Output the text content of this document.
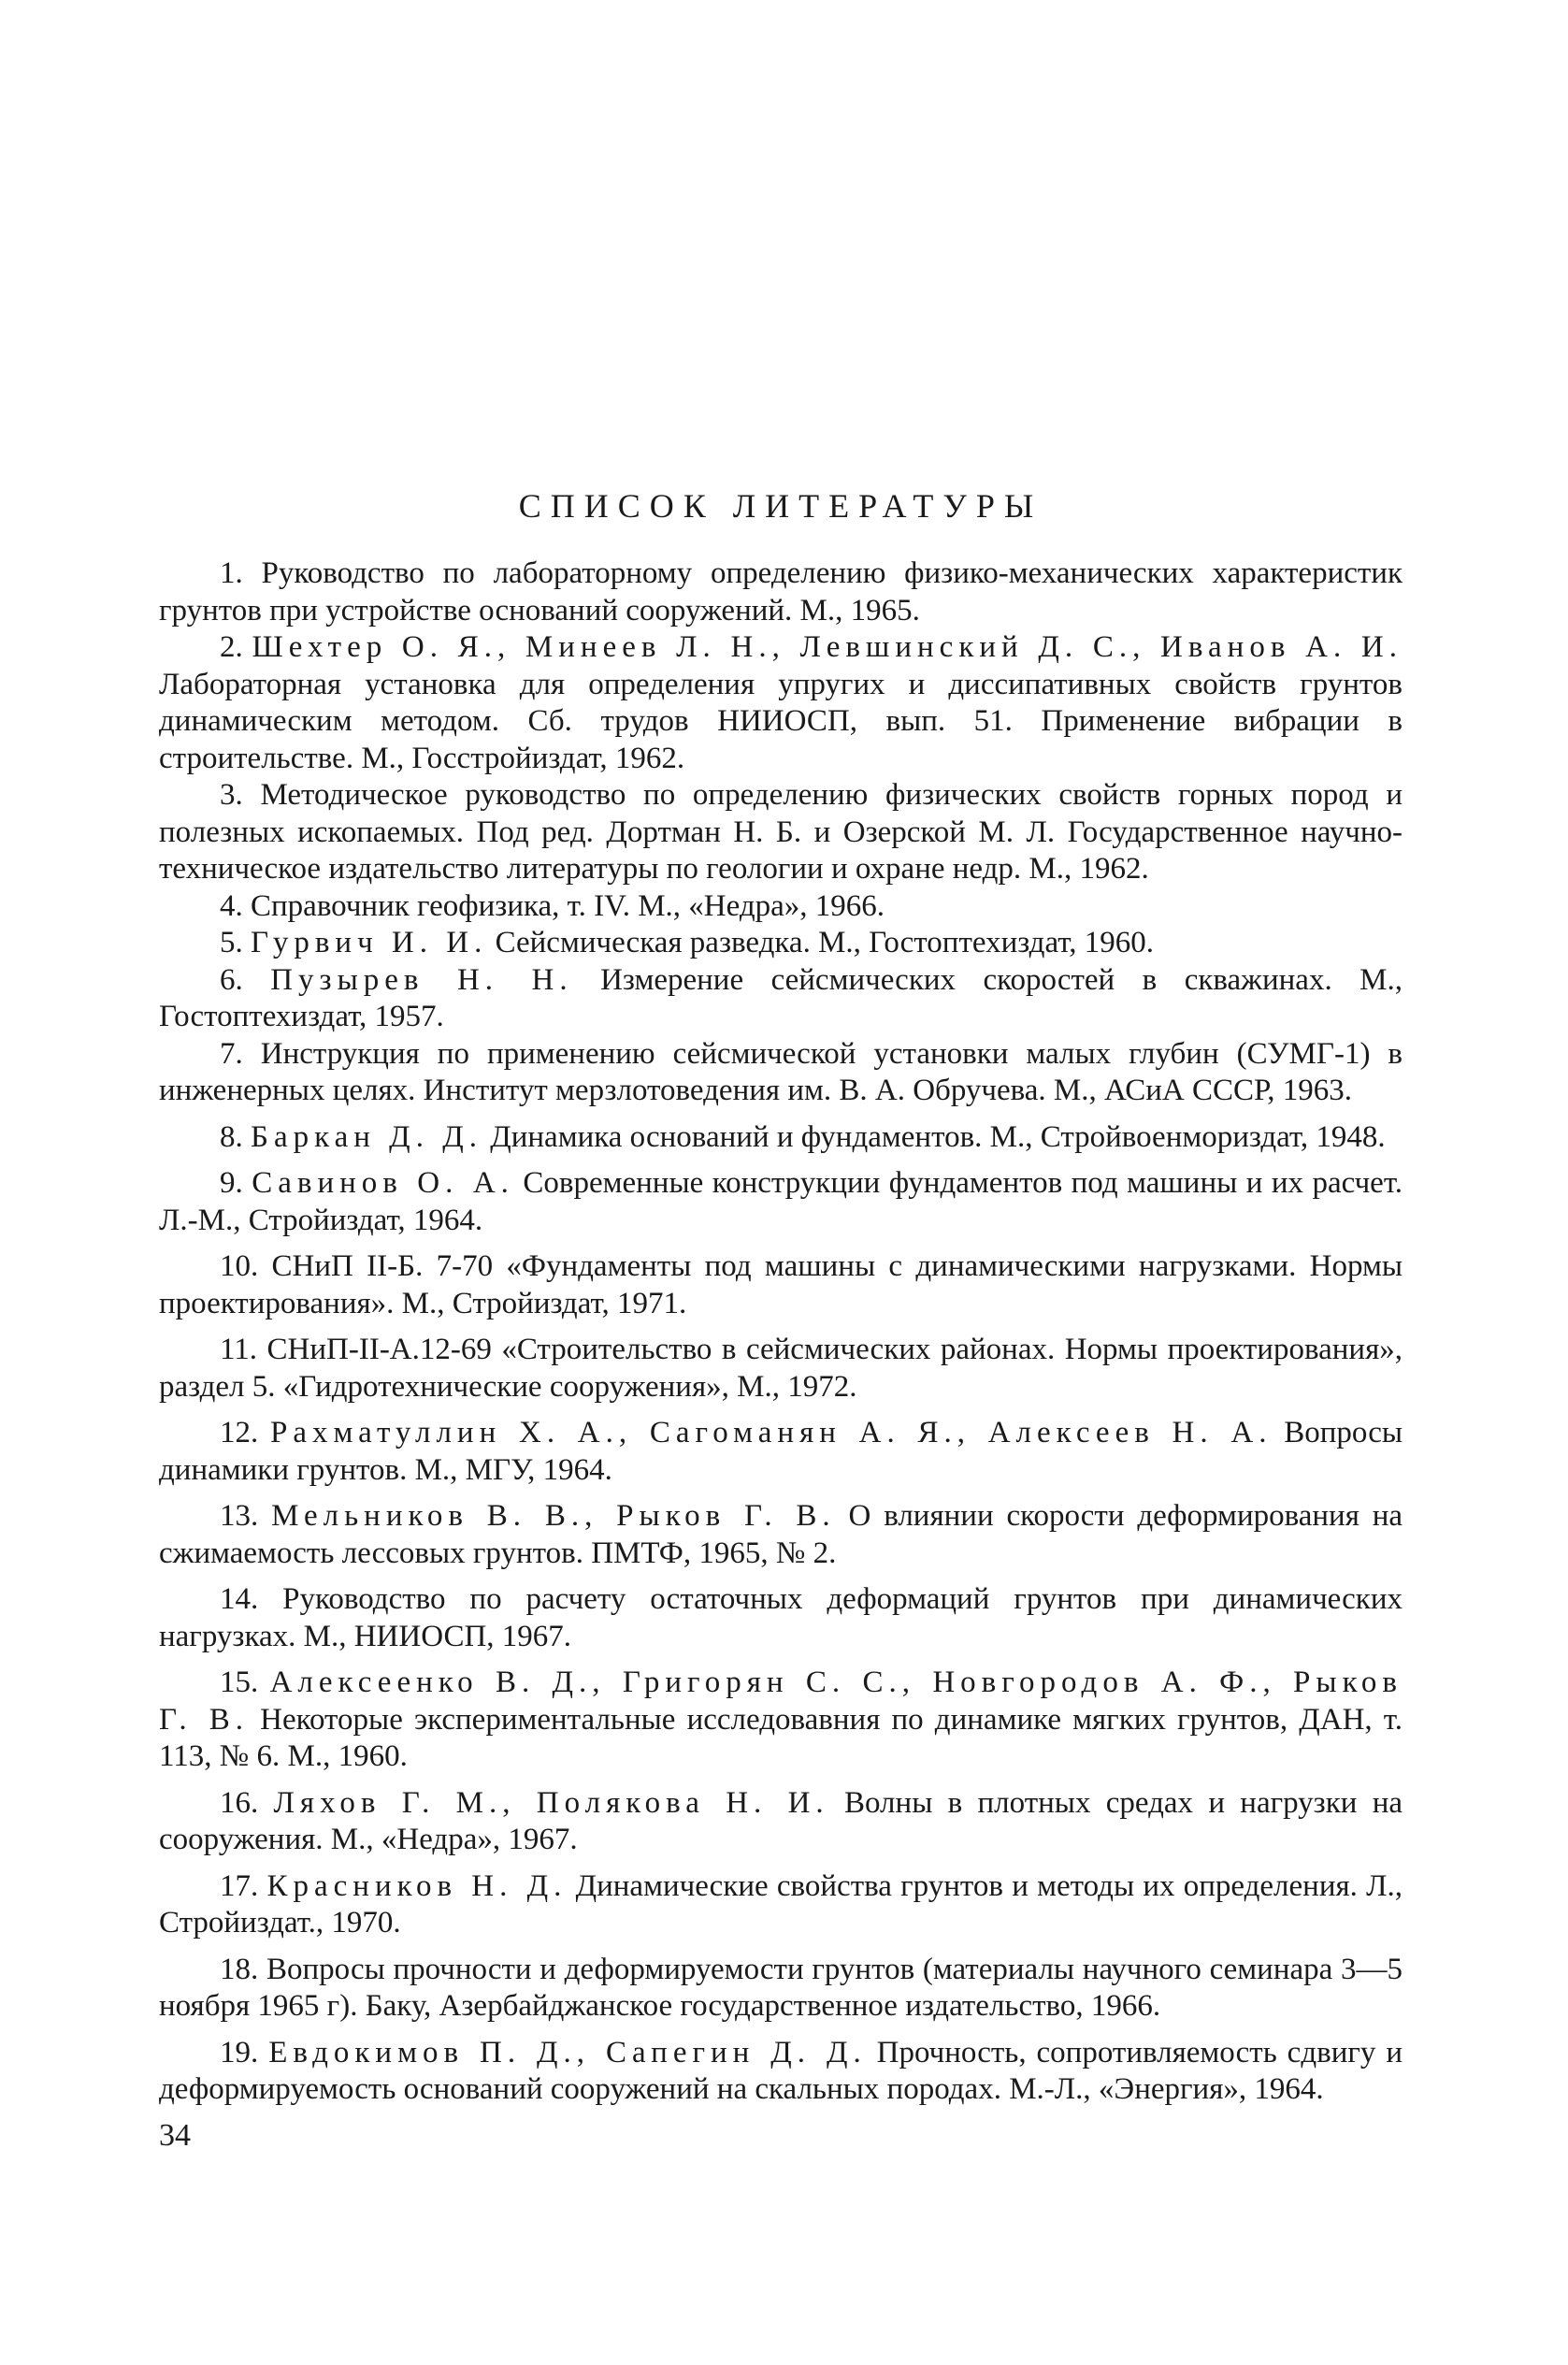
СПИСОК ЛИТЕРАТУРЫ

1. Руководство по лабораторному определению физико-механических характеристик грунтов при устройстве оснований сооружений. М., 1965.

2. Шехтер О. Я., Минеев Л. Н., Левшинский Д. С., Иванов А. И. Лабораторная установка для определения упругих и диссипативных свойств грунтов динамическим методом. Сб. трудов НИИОСП, вып. 51. Применение вибрации в строительстве. М., Госстройиздат, 1962.

3. Методическое руководство по определению физических свойств горных пород и полезных ископаемых. Под ред. Дортман Н. Б. и Озерской М. Л. Государственное научно-техническое издательство литературы по геологии и охране недр. М., 1962.

4. Справочник геофизика, т. IV. М., «Недра», 1966.

5. Гурвич И. И. Сейсмическая разведка. М., Гостоптехиздат, 1960.

6. Пузырев Н. Н. Измерение сейсмических скоростей в скважинах. М., Гостоптехиздат, 1957.

7. Инструкция по применению сейсмической установки малых глубин (СУМГ-1) в инженерных целях. Институт мерзлотоведения им. В. А. Обручева. М., АСиА СССР, 1963.

8. Баркан Д. Д. Динамика оснований и фундаментов. М., Стройвоенмориздат, 1948.

9. Савинов О. А. Современные конструкции фундаментов под машины и их расчет. Л.-М., Стройиздат, 1964.

10. СНиП II-Б. 7-70 «Фундаменты под машины с динамическими нагрузками. Нормы проектирования». М., Стройиздат, 1971.

11. СНиП-II-А.12-69 «Строительство в сейсмических районах. Нормы проектирования», раздел 5. «Гидротехнические сооружения», М., 1972.

12. Рахматуллин Х. А., Сагоманян А. Я., Алексеев Н. А. Вопросы динамики грунтов. М., МГУ, 1964.

13. Мельников В. В., Рыков Г. В. О влиянии скорости деформирования на сжимаемость лессовых грунтов. ПМТФ, 1965, № 2.

14. Руководство по расчету остаточных деформаций грунтов при динамических нагрузках. М., НИИОСП, 1967.

15. Алексеенко В. Д., Григорян С. С., Новгородов А. Ф., Рыков Г. В. Некоторые экспериментальные исследовавния по динамике мягких грунтов, ДАН, т. 113, № 6. М., 1960.

16. Ляхов Г. М., Полякова Н. И. Волны в плотных средах и нагрузки на сооружения. М., «Недра», 1967.

17. Красников Н. Д. Динамические свойства грунтов и методы их определения. Л., Стройиздат., 1970.

18. Вопросы прочности и деформируемости грунтов (материалы научного семинара 3—5 ноября 1965 г). Баку, Азербайджанское государственное издательство, 1966.

19. Евдокимов П. Д., Сапегин Д. Д. Прочность, сопротивляемость сдвигу и деформируемость оснований сооружений на скальных породах. М.-Л., «Энергия», 1964.

34
